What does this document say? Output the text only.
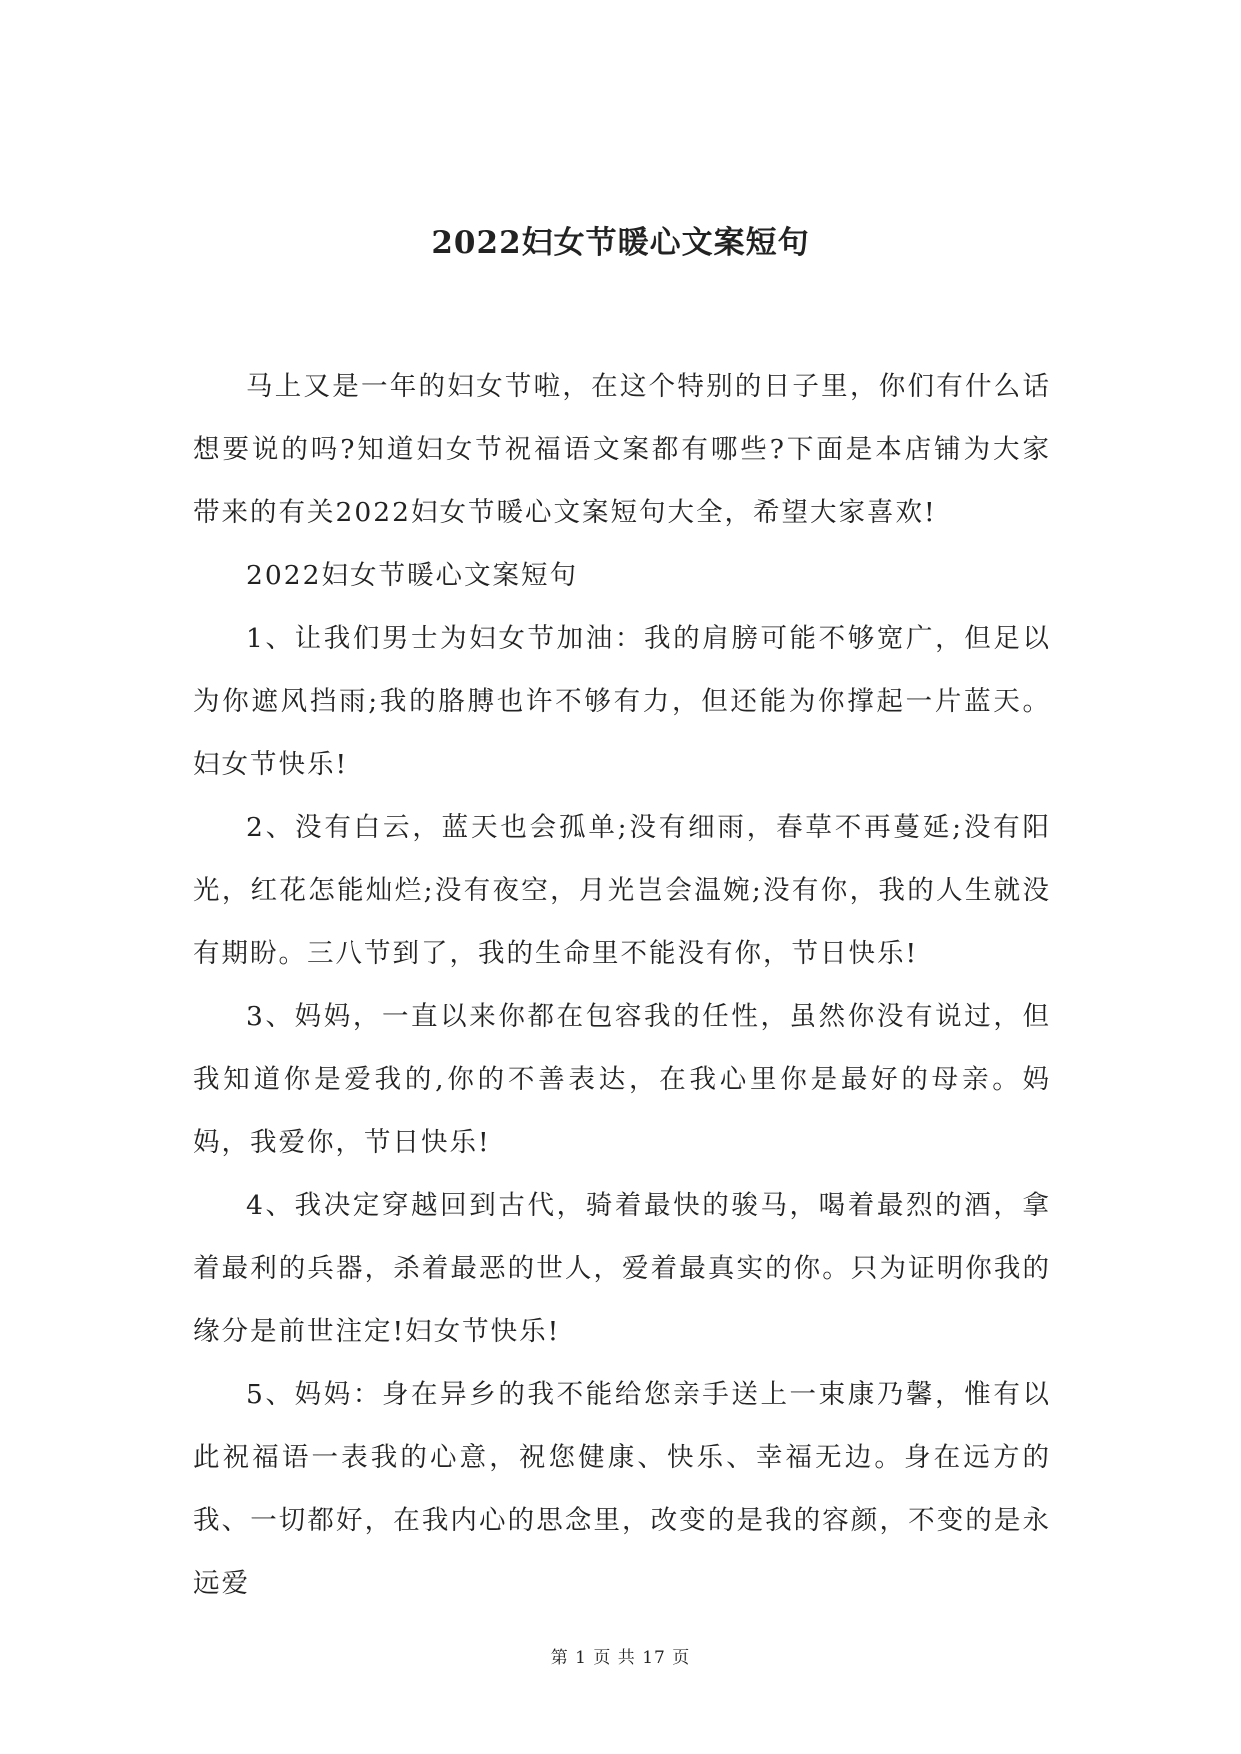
2022妇女节暖心文案短句

马上又是一年的妇女节啦，在这个特别的日子里，你们有什么话想要说的吗?知道妇女节祝福语文案都有哪些?下面是本店铺为大家带来的有关2022妇女节暖心文案短句大全，希望大家喜欢!

2022妇女节暖心文案短句

1、让我们男士为妇女节加油：我的肩膀可能不够宽广，但足以为你遮风挡雨;我的胳膊也许不够有力，但还能为你撑起一片蓝天。妇女节快乐!

2、没有白云，蓝天也会孤单;没有细雨，春草不再蔓延;没有阳光，红花怎能灿烂;没有夜空，月光岂会温婉;没有你，我的人生就没有期盼。三八节到了，我的生命里不能没有你，节日快乐!

3、妈妈，一直以来你都在包容我的任性，虽然你没有说过，但我知道你是爱我的,你的不善表达，在我心里你是最好的母亲。妈妈，我爱你，节日快乐!

4、我决定穿越回到古代，骑着最快的骏马，喝着最烈的酒，拿着最利的兵器，杀着最恶的世人，爱着最真实的你。只为证明你我的缘分是前世注定!妇女节快乐!

5、妈妈：身在异乡的我不能给您亲手送上一束康乃馨，惟有以此祝福语一表我的心意，祝您健康、快乐、幸福无边。身在远方的我、一切都好，在我内心的思念里，改变的是我的容颜，不变的是永远爱

第 1 页 共 17 页
